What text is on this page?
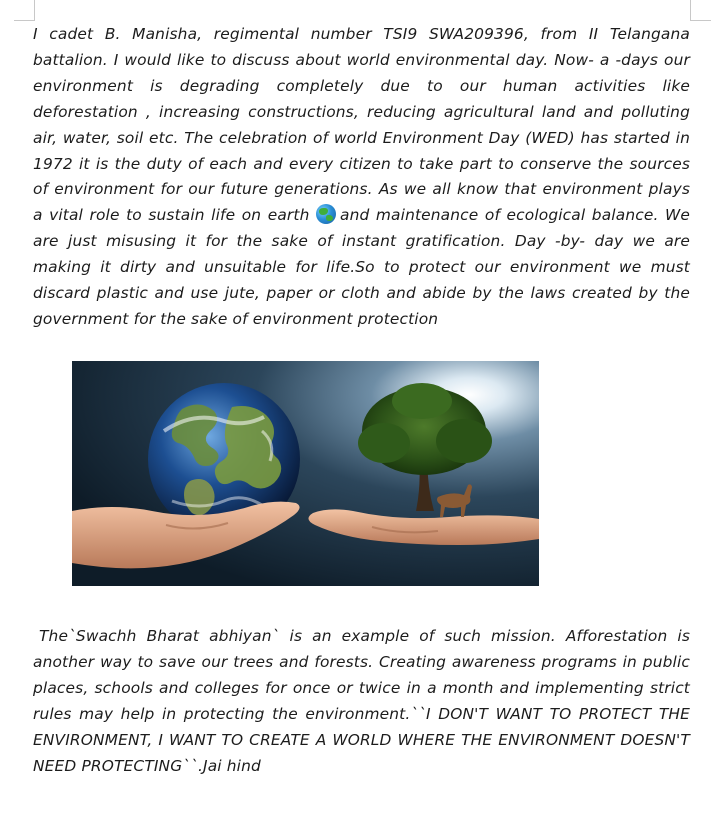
I cadet B. Manisha, regimental number TSI9 SWA209396, from II Telangana battalion. I would like to discuss about world environmental day. Now- a -days our environment is degrading completely due to our human activities like deforestation , increasing constructions, reducing agricultural land and polluting air, water, soil etc. The celebration of world Environment Day (WED) has started in 1972 it is the duty of each and every citizen to take part to conserve the sources of environment for our future generations. As we all know that environment plays a vital role to sustain life on earth and maintenance of ecological balance. We are just misusing it for the sake of instant gratification. Day -by- day we are making it dirty and unsuitable for life.So to protect our environment we must discard plastic and use jute, paper or cloth and abide by the laws created by the government for the sake of environment protection

The`Swachh Bharat abhiyan` is an example of such mission. Afforestation is another way to save our trees and forests. Creating awareness programs in public places, schools and colleges for once or twice in a month and implementing strict rules may help in protecting the environment.``I DON'T WANT TO PROTECT THE ENVIRONMENT, I WANT TO CREATE A WORLD WHERE THE ENVIRONMENT DOESN'T NEED PROTECTING``.Jai hind
